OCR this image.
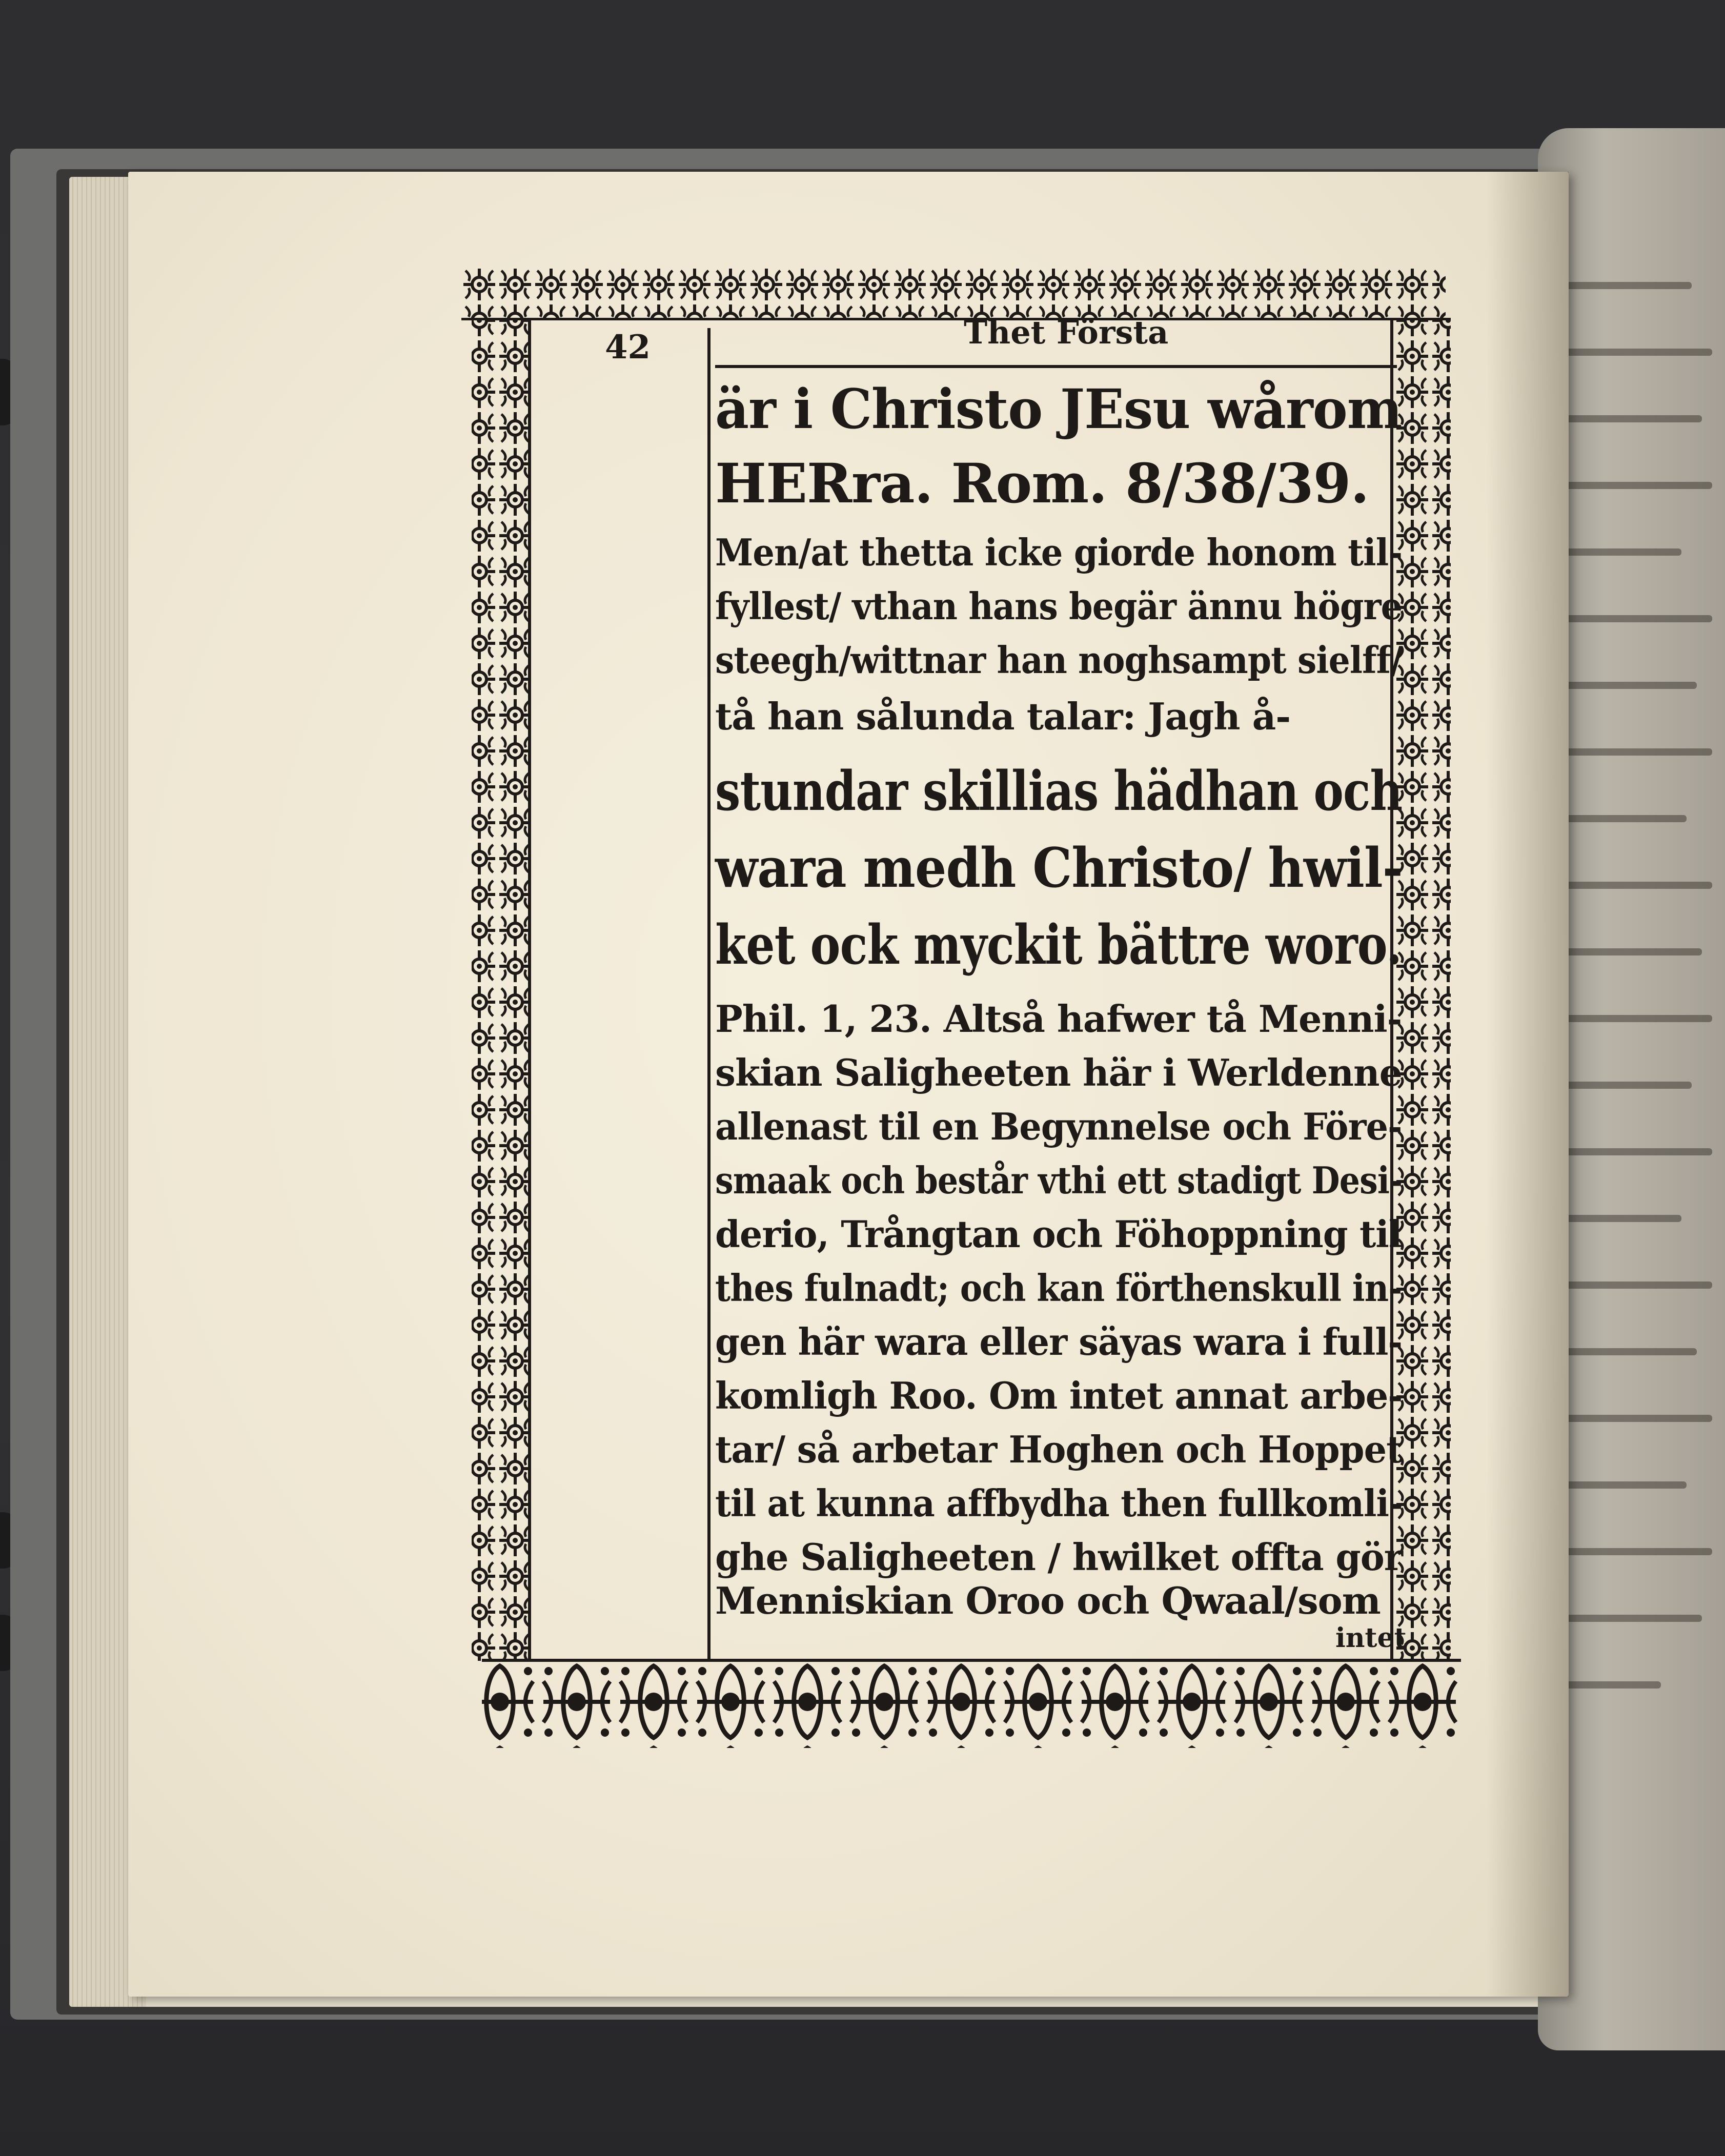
42	Thet Första
är i Christo JEsu wårom
HERra. Rom. 8/38/39.
Men/at thetta icke giorde honom til-
fyllest/ vthan hans begär ännu högre
steegh/wittnar han noghsampt sielff/
tå han sålunda talar: Jagh å-
stundar skillias hädhan och
wara medh Christo/ hwil-
ket ock myckit bättre woro.
Phil. 1, 23. Altså hafwer tå Menni-
skian Saligheeten här i Werldenne
allenast til en Begynnelse och Före-
smaak och består vthi ett stadigt Desi-
derio, Trångtan och Föhoppning til
thes fulnadt; och kan förthenskull in-
gen här wara eller säyas wara i full-
komligh Roo. Om intet annat arbe-
tar/ så arbetar Hoghen och Hoppet
til at kunna affbydha then fullkomli-
ghe Saligheeten / hwilket offta gör
Menniskian Oroo och Qwaal/som
intet
